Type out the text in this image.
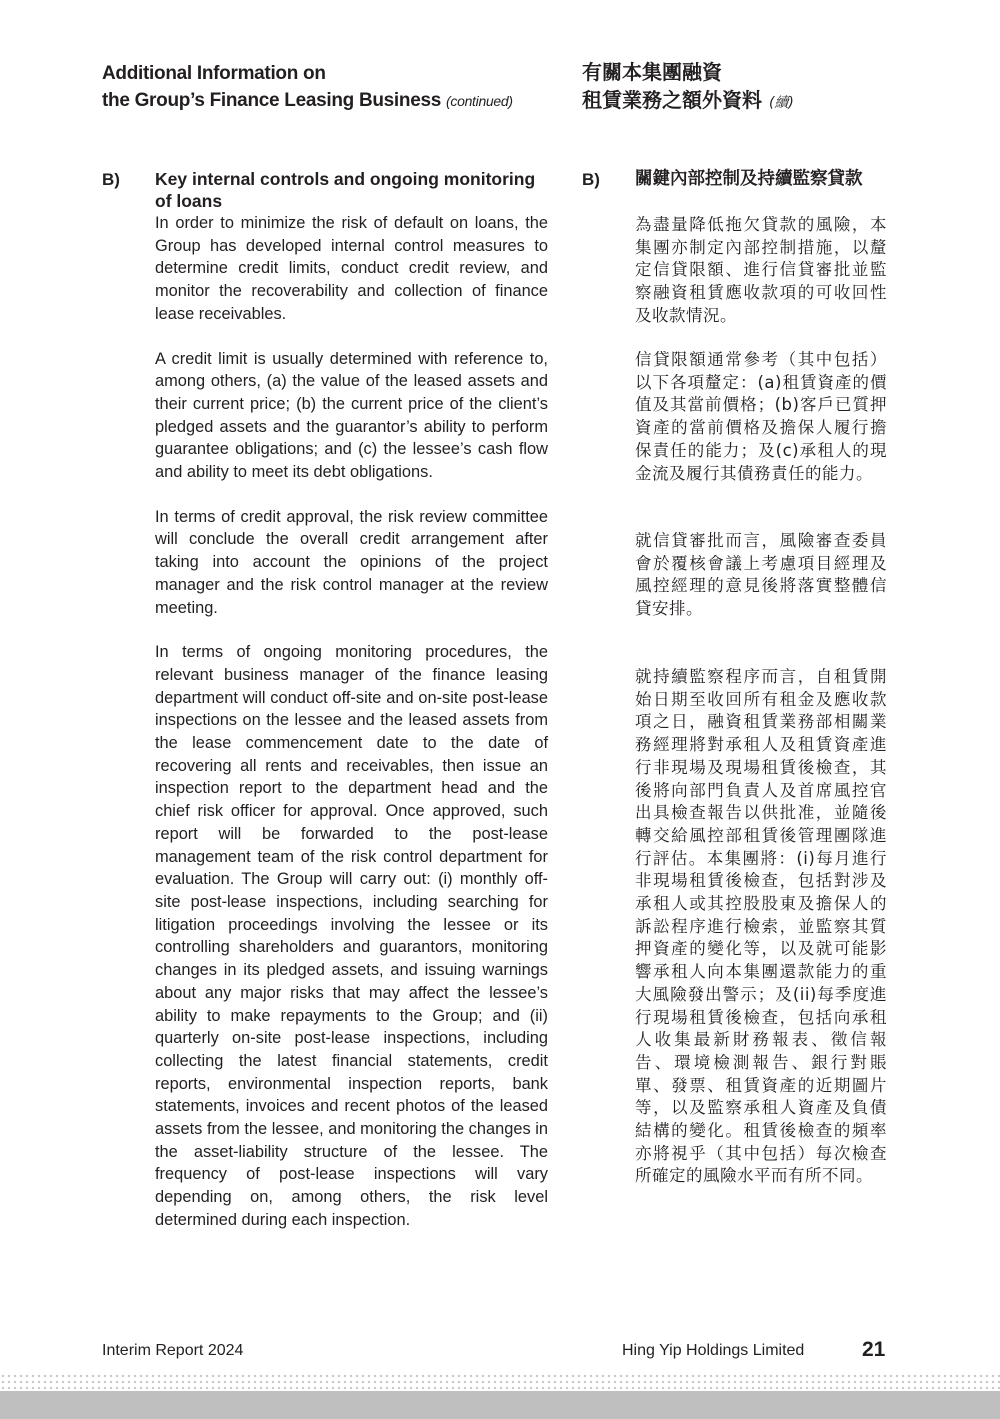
Additional Information on
the Group’s Finance Leasing Business (continued)
有關本集團融資
租賃業務之額外資料 (續)
B)	B)

Key internal controls and ongoing monitoring of loans

In order to minimize the risk of default on loans, the Group has developed internal control measures to determine credit limits, conduct credit review, and monitor the recoverability and collection of finance lease receivables.

A credit limit is usually determined with reference to, among others, (a) the value of the leased assets and their current price; (b) the current price of the client’s pledged assets and the guarantor’s ability to perform guarantee obligations; and (c) the lessee’s cash flow and ability to meet its debt obligations.

In terms of credit approval, the risk review committee will conclude the overall credit arrangement after taking into account the opinions of the project manager and the risk control manager at the review meeting.

In terms of ongoing monitoring procedures, the relevant business manager of the finance leasing department will conduct off-site and on-site post-lease inspections on the lessee and the leased assets from the lease commencement date to the date of recovering all rents and receivables, then issue an inspection report to the department head and the chief risk officer for approval. Once approved, such report will be forwarded to the post-lease management team of the risk control department for evaluation. The Group will carry out: (i) monthly off-site post-lease inspections, including searching for litigation proceedings involving the lessee or its controlling shareholders and guarantors, monitoring changes in its pledged assets, and issuing warnings about any major risks that may affect the lessee’s ability to make repayments to the Group; and (ii) quarterly on-site post-lease inspections, including collecting the latest financial statements, credit reports, environmental inspection reports, bank statements, invoices and recent photos of the leased assets from the lessee, and monitoring the changes in the asset-liability structure of the lessee. The frequency of post-lease inspections will vary depending on, among others, the risk level determined during each inspection.

關鍵內部控制及持續監察貸款

為盡量降低拖欠貸款的風險，本集團亦制定內部控制措施，以釐定信貸限額、進行信貸審批並監察融資租賃應收款項的可收回性及收款情況。

信貸限額通常參考（其中包括）以下各項釐定：(a)租賃資產的價值及其當前價格；(b)客戶已質押資產的當前價格及擔保人履行擔保責任的能力；及(c)承租人的現金流及履行其債務責任的能力。

就信貸審批而言，風險審查委員會於覆核會議上考慮項目經理及風控經理的意見後將落實整體信貸安排。

就持續監察程序而言，自租賃開始日期至收回所有租金及應收款項之日，融資租賃業務部相關業務經理將對承租人及租賃資產進行非現場及現場租賃後檢查，其後將向部門負責人及首席風控官出具檢查報告以供批准，並隨後轉交給風控部租賃後管理團隊進行評估。本集團將：(i)每月進行非現場租賃後檢查，包括對涉及承租人或其控股股東及擔保人的訴訟程序進行檢索，並監察其質押資產的變化等，以及就可能影響承租人向本集團還款能力的重大風險發出警示；及(ii)每季度進行現場租賃後檢查，包括向承租人收集最新財務報表、徵信報告、環境檢測報告、銀行對賬單、發票、租賃資產的近期圖片等，以及監察承租人資產及負債結構的變化。租賃後檢查的頻率亦將視乎（其中包括）每次檢查所確定的風險水平而有所不同。

Interim Report 2024	Hing Yip Holdings Limited	21
